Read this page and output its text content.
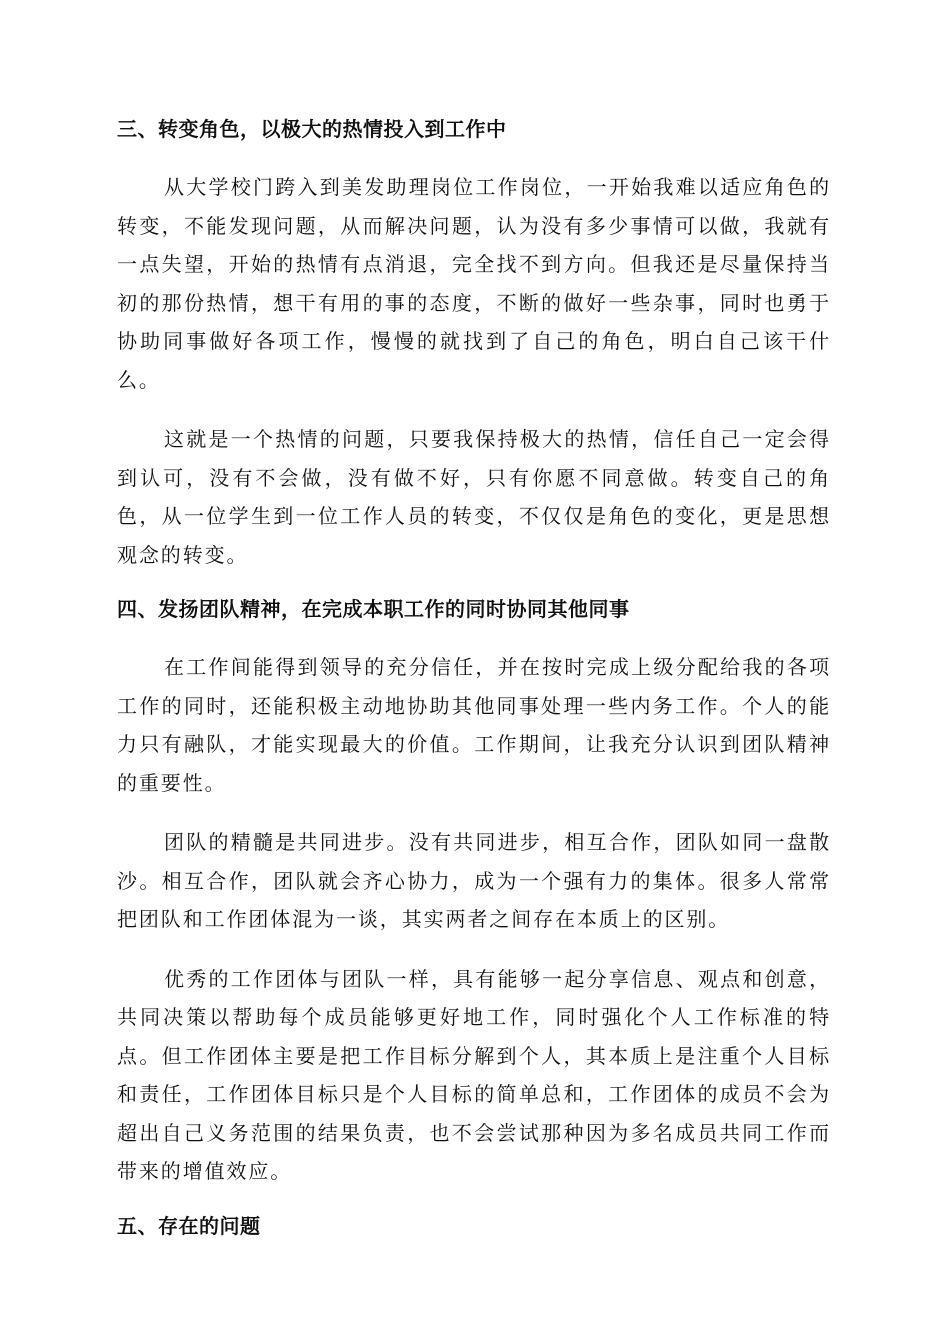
三、转变角色，以极大的热情投入到工作中

从大学校门跨入到美发助理岗位工作岗位，一开始我难以适应角色的转变，不能发现问题，从而解决问题，认为没有多少事情可以做，我就有一点失望，开始的热情有点消退，完全找不到方向。但我还是尽量保持当初的那份热情，想干有用的事的态度，不断的做好一些杂事，同时也勇于协助同事做好各项工作，慢慢的就找到了自己的角色，明白自己该干什么。

这就是一个热情的问题，只要我保持极大的热情，信任自己一定会得到认可，没有不会做，没有做不好，只有你愿不同意做。转变自己的角色，从一位学生到一位工作人员的转变，不仅仅是角色的变化，更是思想观念的转变。

四、发扬团队精神，在完成本职工作的同时协同其他同事

在工作间能得到领导的充分信任，并在按时完成上级分配给我的各项工作的同时，还能积极主动地协助其他同事处理一些内务工作。个人的能力只有融队，才能实现最大的价值。工作期间，让我充分认识到团队精神的重要性。

团队的精髓是共同进步。没有共同进步，相互合作，团队如同一盘散沙。相互合作，团队就会齐心协力，成为一个强有力的集体。很多人常常把团队和工作团体混为一谈，其实两者之间存在本质上的区别。

优秀的工作团体与团队一样，具有能够一起分享信息、观点和创意，共同决策以帮助每个成员能够更好地工作，同时强化个人工作标准的特点。但工作团体主要是把工作目标分解到个人，其本质上是注重个人目标和责任，工作团体目标只是个人目标的简单总和，工作团体的成员不会为超出自己义务范围的结果负责，也不会尝试那种因为多名成员共同工作而带来的增值效应。

五、存在的问题
